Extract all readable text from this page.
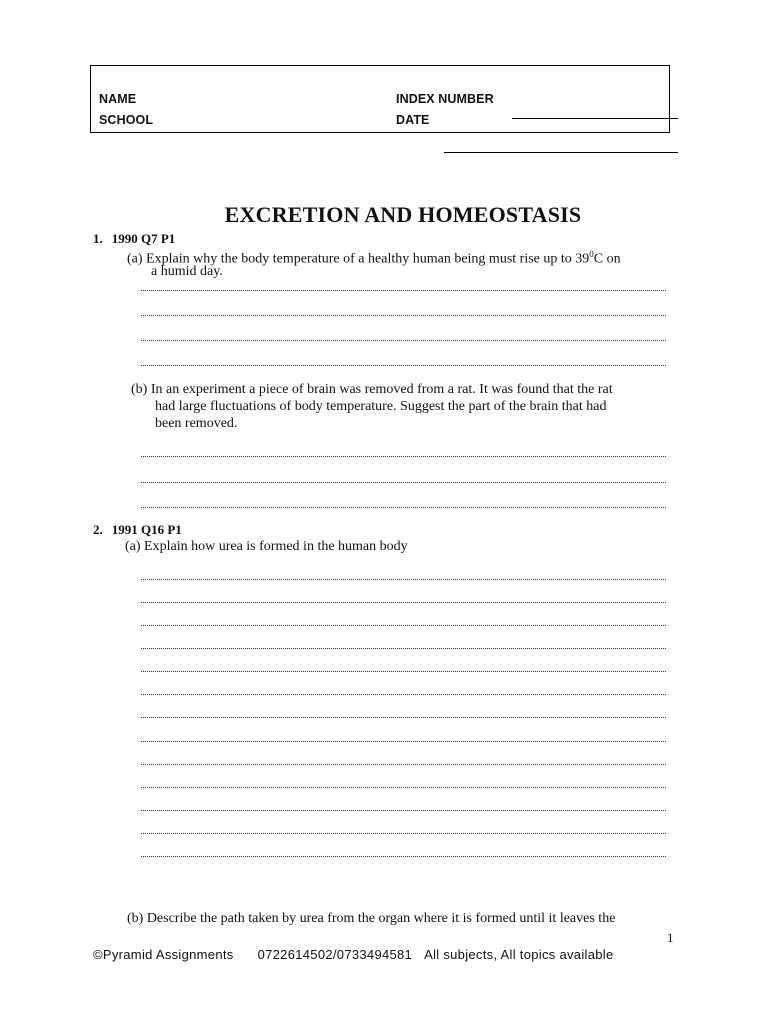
NAME
SCHOOL
INDEX NUMBER
DATE
EXCRETION AND HOMEOSTASIS
1. 1990 Q7 P1
(a) Explain why the body temperature of a healthy human being must rise up to $39^0C$ on
a humid day.
(b) In an experiment a piece of brain was removed from a rat. It was found that the rat
had large fluctuations of body temperature. Suggest the part of the brain that had
been removed.
2. 1991 Q16 P1
(a) Explain how urea is formed in the human body
(b) Describe the path taken by urea from the organ where it is formed until it leaves the
1
©Pyramid Assignments 0722614502/0733494581 All subjects, All topics available
